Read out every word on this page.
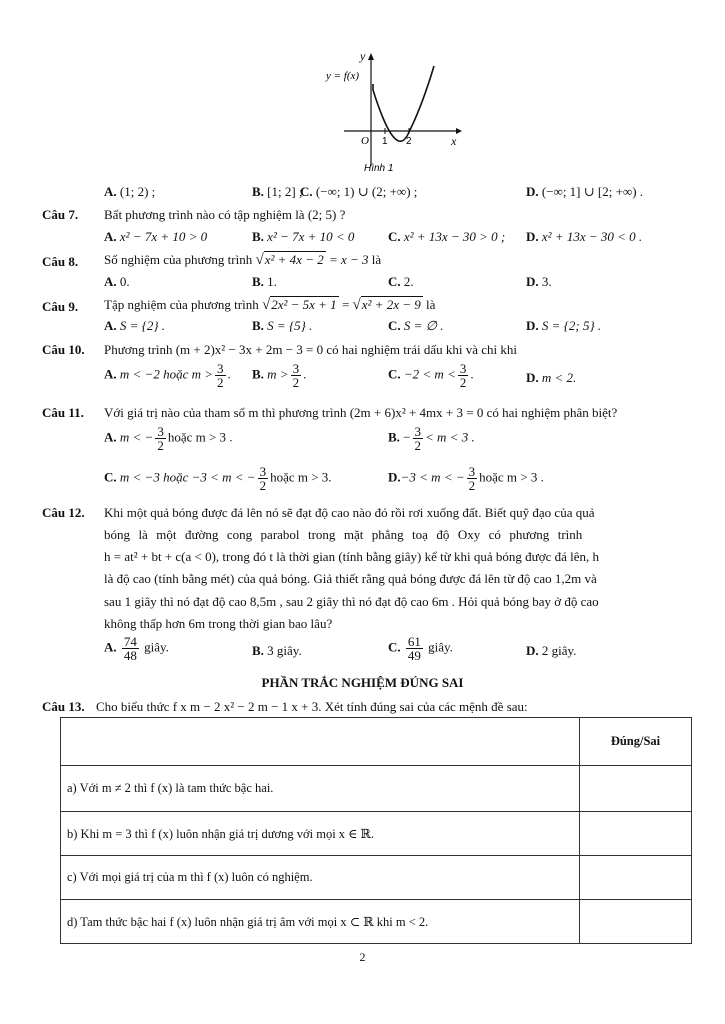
y
y = f(x)
O 1 2	x
Hình 1
A. (1; 2) ;	B. [1; 2] ;
C. (−∞; 1) ∪ (2; +∞) ;	D. (−∞; 1] ∪ [2; +∞) .
Câu 7. Bất phương trình nào có tập nghiệm là (2; 5) ?
A. x² − 7x + 10 > 0	B. x² − 7x + 10 < 0	C. x² + 13x − 30 > 0 ; D. x² + 13x − 30 < 0 .
Câu 8. Số nghiệm của phương trình √x² + 4x − 2 = x − 3 là
A. 0.	B. 1.	C. 2.	D. 3.
Câu 9. Tập nghiệm của phương trình √2x² − 5x + 1 = √x² + 2x − 9 là
A. S = {2} .	B. S = {5} .	C. S = ∅ .	D. S = {2; 5} .
Câu 10. Phương trình (m + 2)x² − 3x + 2m − 3 = 0 có hai nghiệm trái dấu khi và chỉ khi
A. m < −2 hoặc $m > \frac{3}{2}$ . B. $m > \frac{3}{2}$ .	C. $-2 < m < \frac{3}{2}$ .	D. m < 2.
Câu 11. Với giá trị nào của tham số m thì phương trình (2m + 6)x² + 4mx + 3 = 0 có hai nghiệm phân biệt?
A. m < − $\frac{3}{2}$ hoặc m > 3 .	B. − $\frac{3}{2} < m < 3$ .
C. m < −3 hoặc −3 < m < − $\frac{3}{2}$ hoặc m > 3.	D.−3 < m < − $\frac{3}{2}$ hoặc m > 3 .
Câu 12. Khi một quả bóng được đá lên nó sẽ đạt độ cao nào đó rồi rơi xuống đất. Biết quỹ đạo của quả
bóng là một đường cong parabol trong mặt phẳng toạ độ Oxy có phương trình
h = at² + bt + c(a < 0), trong đó t là thời gian (tính bằng giây) kể từ khi quả bóng được đá lên, h
là độ cao (tính bằng mét) của quả bóng. Giả thiết rằng quả bóng được đá lên từ độ cao 1,2m và
sau 1 giây thì nó đạt độ cao 8,5m , sau 2 giây thì nó đạt độ cao 6m . Hỏi quả bóng bay ở độ cao
không thấp hơn 6m trong thời gian bao lâu?
A. $\frac{74}{48}$ giây.	B. 3 giây.	C. $\frac{61}{49}$ giây.	D. 2 giây.
PHẦN TRẮC NGHIỆM ĐÚNG SAI
Câu 13. Cho biểu thức f x m − 2 x² − 2 m − 1 x + 3. Xét tính đúng sai của các mệnh đề sau:
	Đúng/Sai
a) Với m ≠ 2 thì f (x) là tam thức bậc hai.	
b) Khi m = 3 thì f (x) luôn nhận giá trị dương với mọi x ∈ ℝ.	
c) Với mọi giá trị của m thì f (x) luôn có nghiệm.	
d) Tam thức bậc hai f (x) luôn nhận giá trị âm với mọi x ⊂ ℝ khi m < 2.	
2
